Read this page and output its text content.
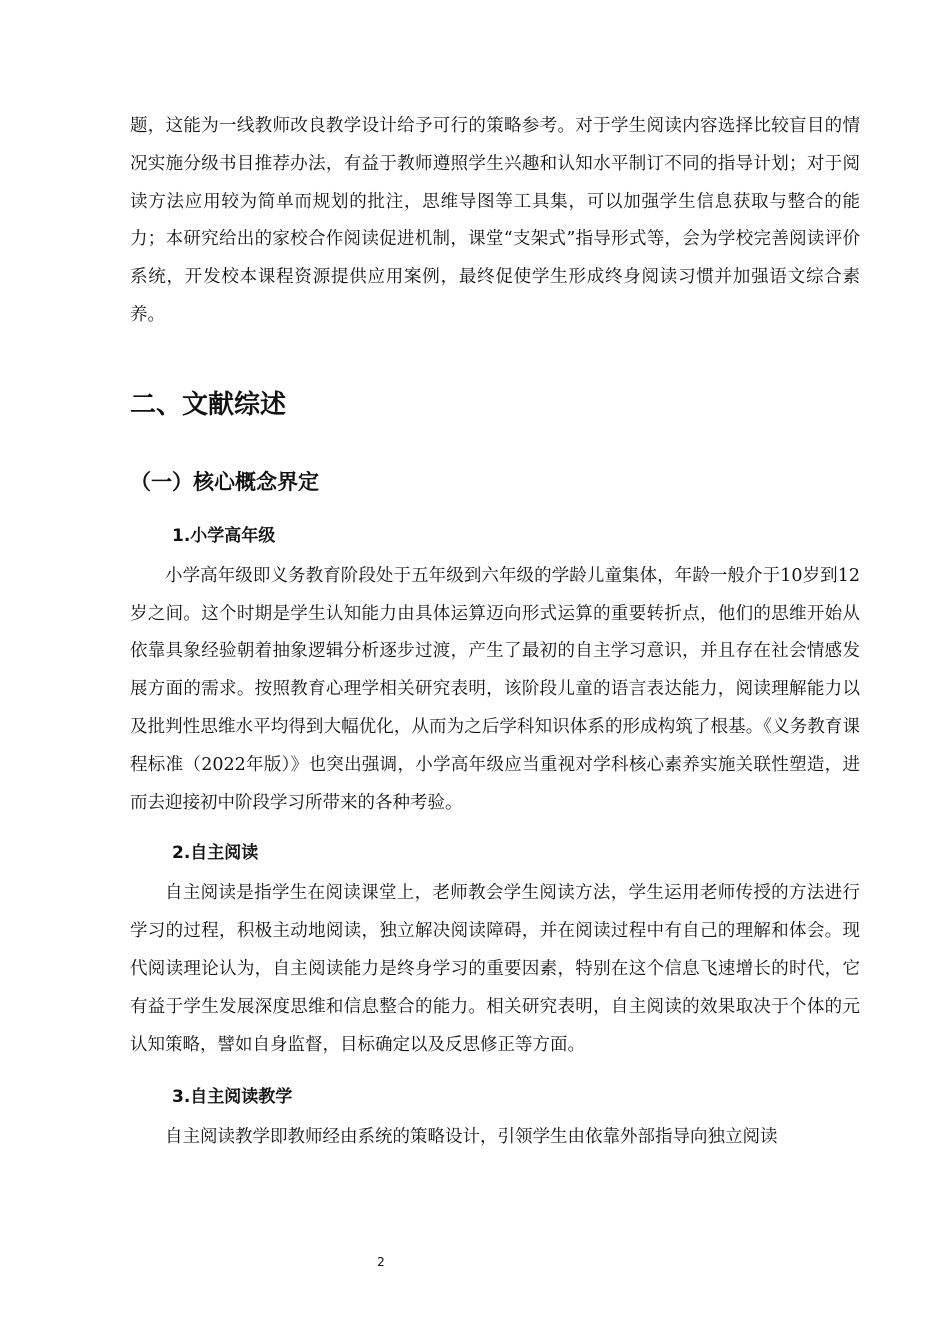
题，这能为一线教师改良教学设计给予可行的策略参考。对于学生阅读内容选择比较盲目的情况实施分级书目推荐办法，有益于教师遵照学生兴趣和认知水平制订不同的指导计划；对于阅读方法应用较为简单而规划的批注，思维导图等工具集，可以加强学生信息获取与整合的能力；本研究给出的家校合作阅读促进机制，课堂“支架式”指导形式等，会为学校完善阅读评价系统，开发校本课程资源提供应用案例，最终促使学生形成终身阅读习惯并加强语文综合素养。

二、文献综述
（一）核心概念界定
1.小学高年级

小学高年级即义务教育阶段处于五年级到六年级的学龄儿童集体，年龄一般介于10岁到12岁之间。这个时期是学生认知能力由具体运算迈向形式运算的重要转折点，他们的思维开始从依靠具象经验朝着抽象逻辑分析逐步过渡，产生了最初的自主学习意识，并且存在社会情感发展方面的需求。按照教育心理学相关研究表明，该阶段儿童的语言表达能力，阅读理解能力以及批判性思维水平均得到大幅优化，从而为之后学科知识体系的形成构筑了根基。《义务教育课程标准（2022年版）》也突出强调，小学高年级应当重视对学科核心素养实施关联性塑造，进而去迎接初中阶段学习所带来的各种考验。

2.自主阅读

自主阅读是指学生在阅读课堂上，老师教会学生阅读方法，学生运用老师传授的方法进行学习的过程，积极主动地阅读，独立解决阅读障碍，并在阅读过程中有自己的理解和体会。现代阅读理论认为，自主阅读能力是终身学习的重要因素，特别在这个信息飞速增长的时代，它有益于学生发展深度思维和信息整合的能力。相关研究表明，自主阅读的效果取决于个体的元认知策略，譬如自身监督，目标确定以及反思修正等方面。

3.自主阅读教学

自主阅读教学即教师经由系统的策略设计，引领学生由依靠外部指导向独立阅读

2
